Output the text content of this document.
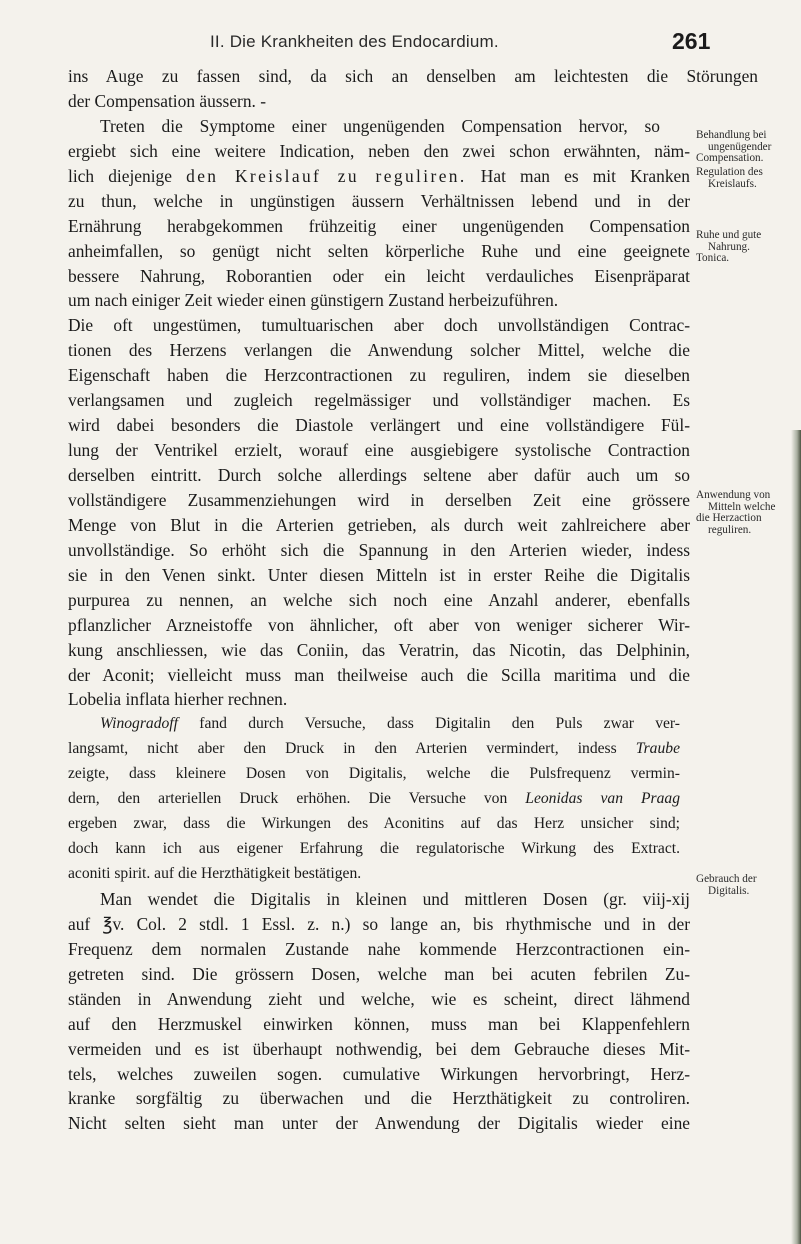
II. Die Krankheiten des Endocardium.	261
ins Auge zu fassen sind, da sich an denselben am leichtesten die Störungen
der Compensation äussern. -
Treten die Symptome einer ungenügenden Compensation hervor, so
ergiebt sich eine weitere Indication, neben den zwei schon erwähnten, näm-
lich diejenige den Kreislauf zu reguliren. Hat man es mit Kranken
zu thun, welche in ungünstigen äussern Verhältnissen lebend und in der
Ernährung herabgekommen frühzeitig einer ungenügenden Compensation
anheimfallen, so genügt nicht selten körperliche Ruhe und eine geeignete
bessere Nahrung, Roborantien oder ein leicht verdauliches Eisenpräparat
um nach einiger Zeit wieder einen günstigern Zustand herbeizuführen.
Die oft ungestümen, tumultuarischen aber doch unvollständigen Contrac-
tionen des Herzens verlangen die Anwendung solcher Mittel, welche die
Eigenschaft haben die Herzcontractionen zu reguliren, indem sie dieselben
verlangsamen und zugleich regelmässiger und vollständiger machen. Es
wird dabei besonders die Diastole verlängert und eine vollständigere Fül-
lung der Ventrikel erzielt, worauf eine ausgiebigere systolische Contraction
derselben eintritt. Durch solche allerdings seltene aber dafür auch um so
vollständigere Zusammenziehungen wird in derselben Zeit eine grössere
Menge von Blut in die Arterien getrieben, als durch weit zahlreichere aber
unvollständige. So erhöht sich die Spannung in den Arterien wieder, indess
sie in den Venen sinkt. Unter diesen Mitteln ist in erster Reihe die Digitalis
purpurea zu nennen, an welche sich noch eine Anzahl anderer, ebenfalls
pflanzlicher Arzneistoffe von ähnlicher, oft aber von weniger sicherer Wir-
kung anschliessen, wie das Coniin, das Veratrin, das Nicotin, das Delphinin,
der Aconit; vielleicht muss man theilweise auch die Scilla maritima und die
Lobelia inflata hierher rechnen.
Winogradoff fand durch Versuche, dass Digitalin den Puls zwar ver-
langsamt, nicht aber den Druck in den Arterien vermindert, indess Traube
zeigte, dass kleinere Dosen von Digitalis, welche die Pulsfrequenz vermin-
dern, den arteriellen Druck erhöhen. Die Versuche von Leonidas van Praag
ergeben zwar, dass die Wirkungen des Aconitins auf das Herz unsicher sind;
doch kann ich aus eigener Erfahrung die regulatorische Wirkung des Extract.
aconiti spirit. auf die Herzthätigkeit bestätigen.
Man wendet die Digitalis in kleinen und mittleren Dosen (gr. viij-xij
auf ℥v. Col. 2 stdl. 1 Essl. z. n.) so lange an, bis rhythmische und in der
Frequenz dem normalen Zustande nahe kommende Herzcontractionen ein-
getreten sind. Die grössern Dosen, welche man bei acuten febrilen Zu-
ständen in Anwendung zieht und welche, wie es scheint, direct lähmend
auf den Herzmuskel einwirken können, muss man bei Klappenfehlern
vermeiden und es ist überhaupt nothwendig, bei dem Gebrauche dieses Mit-
tels, welches zuweilen sogen. cumulative Wirkungen hervorbringt, Herz-
kranke sorgfältig zu überwachen und die Herzthätigkeit zu controliren.
Nicht selten sieht man unter der Anwendung der Digitalis wieder eine
Behandlung bei
ungenügender
Compensation.
Regulation des
Kreislaufs.
Ruhe und gute
Nahrung.
Tonica.
Anwendung von
Mitteln welche
die Herzaction
reguliren.
Gebrauch der
Digitalis.
